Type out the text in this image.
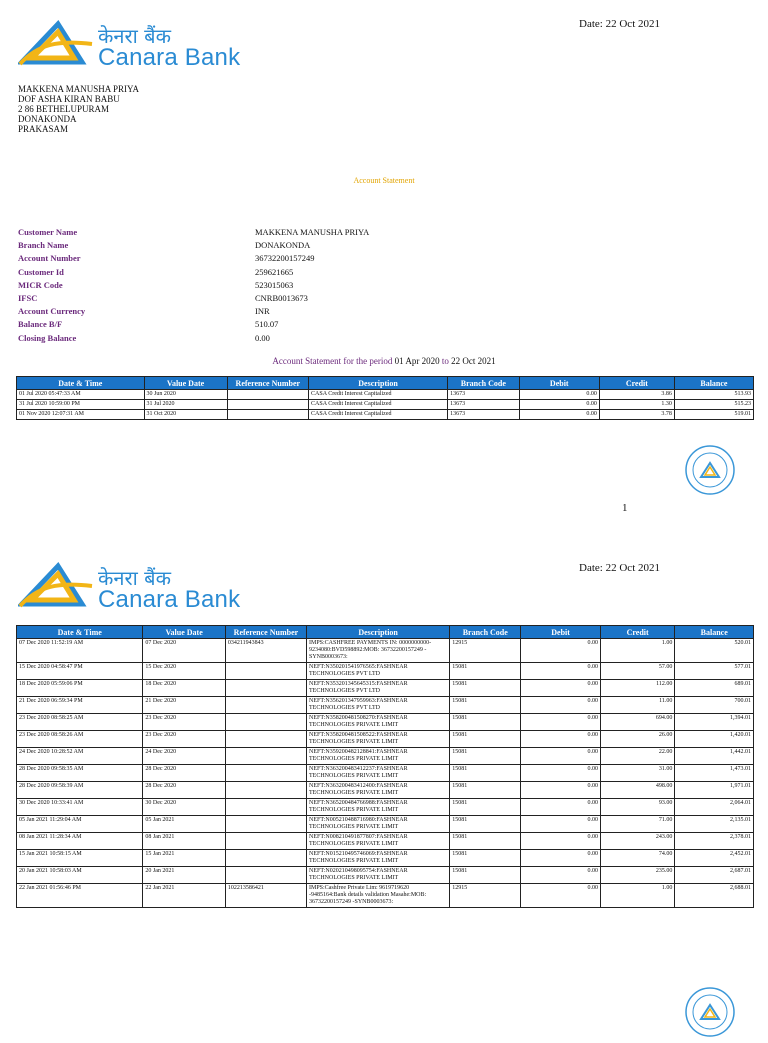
केनरा बैंक
Canara Bank
Date: 22 Oct 2021
MAKKENA MANUSHA PRIYA
DOF ASHA KIRAN BABU
2 86 BETHELUPURAM
DONAKONDA
PRAKASAM
Account Statement
Customer Name	MAKKENA MANUSHA PRIYA
Branch Name	DONAKONDA
Account Number	36732200157249
Customer Id	259621665
MICR Code	523015063
IFSC	CNRB0013673
Account Currency	INR
Balance B/F	510.07
Closing Balance	0.00
Account Statement for the period 01 Apr 2020 to 22 Oct 2021
Date & Time	Value Date	Reference Number	Description	Branch Code	Debit	Credit	Balance
01 Jul 2020 05:47:33 AM	30 Jun 2020		CASA Credit Interest Capitalized	13673	0.00	3.86	513.93
31 Jul 2020 10:59:00 PM	31 Jul 2020		CASA Credit Interest Capitalized	13673	0.00	1.30	515.23
01 Nov 2020 12:07:31 AM	31 Oct 2020		CASA Credit Interest Capitalized	13673	0.00	3.78	519.01
1
केनरा बैंक
Canara Bank
Date: 22 Oct 2021
Date & Time	Value Date	Reference Number	Description	Branch Code	Debit	Credit	Balance
07 Dec 2020 11:52:19 AM	07 Dec 2020	034211943843	IMPS:CASHFREE PAYMENTS IN: 0000000000-9234080:BVD598892:MOB: 36732200157249 -SYNB0003673:	12915	0.00	1.00	520.01
15 Dec 2020 04:58:47 PM	15 Dec 2020		NEFT:N350201541976565:FASHNEAR TECHNOLOGIES PVT LTD	15081	0.00	57.00	577.01
18 Dec 2020 05:59:06 PM	18 Dec 2020		NEFT:N353201345645315:FASHNEAR TECHNOLOGIES PVT LTD	15081	0.00	112.00	689.01
21 Dec 2020 06:59:34 PM	21 Dec 2020		NEFT:N356201347959963:FASHNEAR TECHNOLOGIES PVT LTD	15081	0.00	11.00	700.01
23 Dec 2020 08:58:25 AM	23 Dec 2020		NEFT:N358200481508270:FASHNEAR TECHNOLOGIES PRIVATE LIMIT	15081	0.00	694.00	1,394.01
23 Dec 2020 08:58:26 AM	23 Dec 2020		NEFT:N358200481508522:FASHNEAR TECHNOLOGIES PRIVATE LIMIT	15081	0.00	26.00	1,420.01
24 Dec 2020 10:28:52 AM	24 Dec 2020		NEFT:N359200482128841:FASHNEAR TECHNOLOGIES PRIVATE LIMIT	15081	0.00	22.00	1,442.01
28 Dec 2020 09:58:35 AM	28 Dec 2020		NEFT:N363200483412237:FASHNEAR TECHNOLOGIES PRIVATE LIMIT	15081	0.00	31.00	1,473.01
28 Dec 2020 09:58:39 AM	28 Dec 2020		NEFT:N363200483412400:FASHNEAR TECHNOLOGIES PRIVATE LIMIT	15081	0.00	498.00	1,971.01
30 Dec 2020 10:33:41 AM	30 Dec 2020		NEFT:N365200484766988:FASHNEAR TECHNOLOGIES PRIVATE LIMIT	15081	0.00	93.00	2,064.01
05 Jan 2021 11:29:04 AM	05 Jan 2021		NEFT:N005210488716980:FASHNEAR TECHNOLOGIES PRIVATE LIMIT	15081	0.00	71.00	2,135.01
08 Jan 2021 11:28:34 AM	08 Jan 2021		NEFT:N008210491877807:FASHNEAR TECHNOLOGIES PRIVATE LIMIT	15081	0.00	243.00	2,378.01
15 Jan 2021 10:58:15 AM	15 Jan 2021		NEFT:N015210495746069:FASHNEAR TECHNOLOGIES PRIVATE LIMIT	15081	0.00	74.00	2,452.01
20 Jan 2021 10:58:03 AM	20 Jan 2021		NEFT:N020210498095754:FASHNEAR TECHNOLOGIES PRIVATE LIMIT	15081	0.00	235.00	2,687.01
22 Jan 2021 01:56:46 PM	22 Jan 2021	102213586421	IMPS:Cashfree Private Lim: 9619719620 -9485164:Bank details validation Masahe:MOB: 36732200157249 -SYNB0003673:	12915	0.00	1.00	2,688.01
